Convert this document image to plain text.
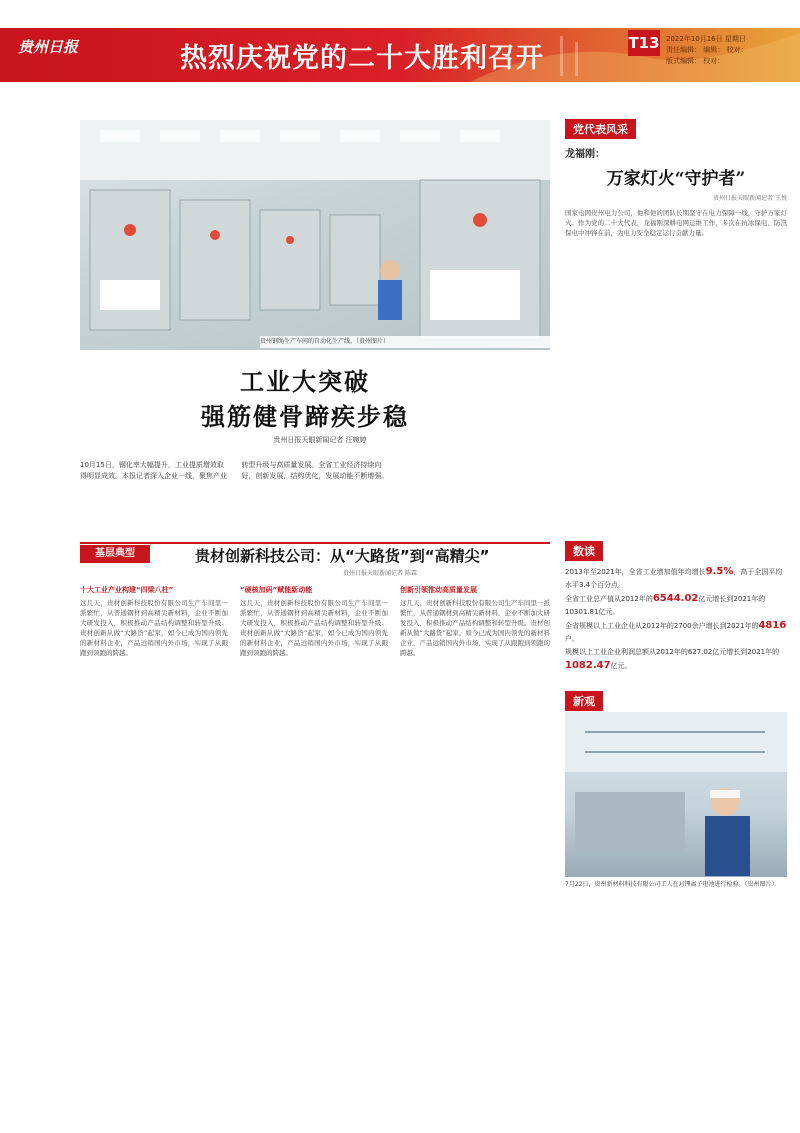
贵州日报	热烈庆祝党的二十大胜利召开	T13 2022年10月16日 星期日
责任编辑： 编辑： 校对：
版式编辑： 校对：
贵州钢绳生产车间的自动化生产线。（贵州图片）
工业大突破
强筋健骨蹄疾步稳
贵州日报天眼新闻记者 汪婉婷
10月15日，钢化率大幅提升，工业提质增效取得明显成效。本报记者深入企业一线，聚焦产业转型升级与高质量发展。全省工业经济持续向好，创新发展，结构优化，发展动能不断增强。
基层典型	贵材创新科技公司：从“大路货”到“高精尖”
贵州日报天眼新闻记者 陈霖
十大工业产业构建“四梁八柱”
这几天，贵材创新科技股份有限公司生产车间里一派繁忙，从普通钢材到高精尖新材料，企业不断加大研发投入，积极推动产品结构调整和转型升级。贵材创新从做“大路货”起家，如今已成为国内领先的新材料企业，产品远销国内外市场，实现了从跟跑到领跑的跨越。
“硬核加码”赋能新动能
这几天，贵材创新科技股份有限公司生产车间里一派繁忙，从普通钢材到高精尖新材料，企业不断加大研发投入，积极推动产品结构调整和转型升级。贵材创新从做“大路货”起家，如今已成为国内领先的新材料企业，产品远销国内外市场，实现了从跟跑到领跑的跨越。
创新引领推动高质量发展
这几天，贵材创新科技股份有限公司生产车间里一派繁忙，从普通钢材到高精尖新材料，企业不断加大研发投入，积极推动产品结构调整和转型升级。贵材创新从做“大路货”起家，如今已成为国内领先的新材料企业，产品远销国内外市场，实现了从跟跑到领跑的跨越。
党代表风采
龙福刚：
万家灯火“守护者”
贵州日报天眼新闻记者 王悦
国家电网贵州电力公司，他和他的团队长期坚守在电力保障一线，守护万家灯火。作为党的二十大代表，龙福刚深耕电网运维工作，多次在抗冰保电、防汛保电中冲锋在前，为电力安全稳定运行贡献力量。
数读
2013年至2021年，全省工业增加值年均增长9.5%，高于全国平均水平3.4个百分点。
全省工业总产值从2012年的6544.02亿元增长到2021年的10301.81亿元。
全省规模以上工业企业从2012年的2700余户增长到2021年的4816户。
规模以上工业企业利润总额从2012年的627.02亿元增长到2021年的1082.47亿元。
新观
7月22日，贵州新材料科技有限公司工人在对锂离子电池进行检验。（贵州图片）
